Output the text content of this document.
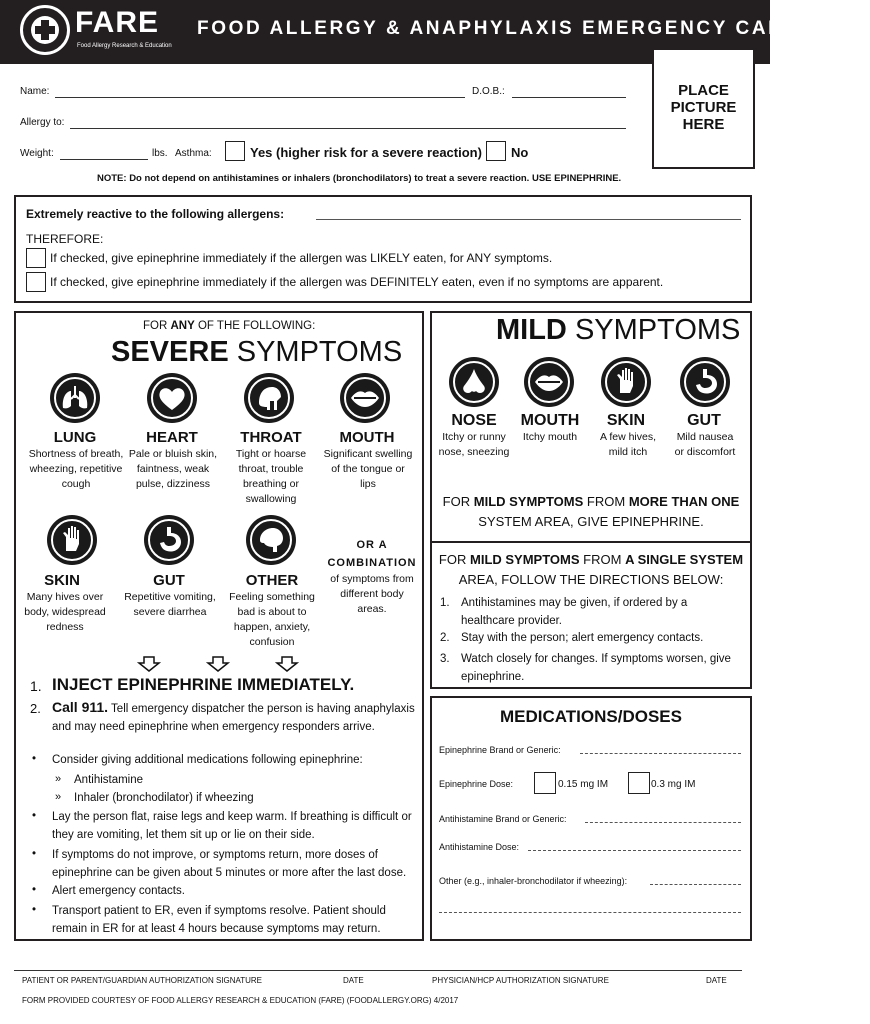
FARE
Food Allergy Research & Education
FOOD ALLERGY & ANAPHYLAXIS EMERGENCY CARE PLAN
PLACE PICTURE HERE
Name:	D.O.B.:
Allergy to:
Weight:	lbs. Asthma:	Yes (higher risk for a severe reaction) No
NOTE: Do not depend on antihistamines or inhalers (bronchodilators) to treat a severe reaction. USE EPINEPHRINE.
Extremely reactive to the following allergens:
THEREFORE:
If checked, give epinephrine immediately if the allergen was LIKELY eaten, for ANY symptoms.
If checked, give epinephrine immediately if the allergen was DEFINITELY eaten, even if no symptoms are apparent.
FOR ANY OF THE FOLLOWING:
SEVERE SYMPTOMS
LUNG
Shortness of breath, wheezing, repetitive cough
HEART
Pale or bluish skin, faintness, weak pulse, dizziness
THROAT
Tight or hoarse throat, trouble breathing or swallowing
MOUTH
Significant swelling of the tongue or lips
SKIN
Many hives over body, widespread redness
GUT
Repetitive vomiting, severe diarrhea
OTHER
Feeling something bad is about to happen, anxiety, confusion
OR A COMBINATION
of symptoms from different body areas.
1. INJECT EPINEPHRINE IMMEDIATELY.
2. Call 911. Tell emergency dispatcher the person is having anaphylaxis and may need epinephrine when emergency responders arrive.
• Consider giving additional medications following epinephrine:
» Antihistamine
» Inhaler (bronchodilator) if wheezing
• Lay the person flat, raise legs and keep warm. If breathing is difficult or they are vomiting, let them sit up or lie on their side.
• If symptoms do not improve, or symptoms return, more doses of epinephrine can be given about 5 minutes or more after the last dose.
• Alert emergency contacts.
• Transport patient to ER, even if symptoms resolve. Patient should remain in ER for at least 4 hours because symptoms may return.
MILD SYMPTOMS
NOSE
Itchy or runny nose, sneezing
MOUTH
Itchy mouth
SKIN
A few hives, mild itch
GUT
Mild nausea or discomfort
FOR MILD SYMPTOMS FROM MORE THAN ONE
SYSTEM AREA, GIVE EPINEPHRINE.
FOR MILD SYMPTOMS FROM A SINGLE SYSTEM
AREA, FOLLOW THE DIRECTIONS BELOW:
1. Antihistamines may be given, if ordered by a healthcare provider.
2. Stay with the person; alert emergency contacts.
3. Watch closely for changes. If symptoms worsen, give epinephrine.
MEDICATIONS/DOSES
Epinephrine Brand or Generic:
Epinephrine Dose:	0.15 mg IM	0.3 mg IM
Antihistamine Brand or Generic:
Antihistamine Dose:
Other (e.g., inhaler-bronchodilator if wheezing):
PATIENT OR PARENT/GUARDIAN AUTHORIZATION SIGNATURE	DATE	PHYSICIAN/HCP AUTHORIZATION SIGNATURE	DATE
FORM PROVIDED COURTESY OF FOOD ALLERGY RESEARCH & EDUCATION (FARE) (FOODALLERGY.ORG) 4/2017
